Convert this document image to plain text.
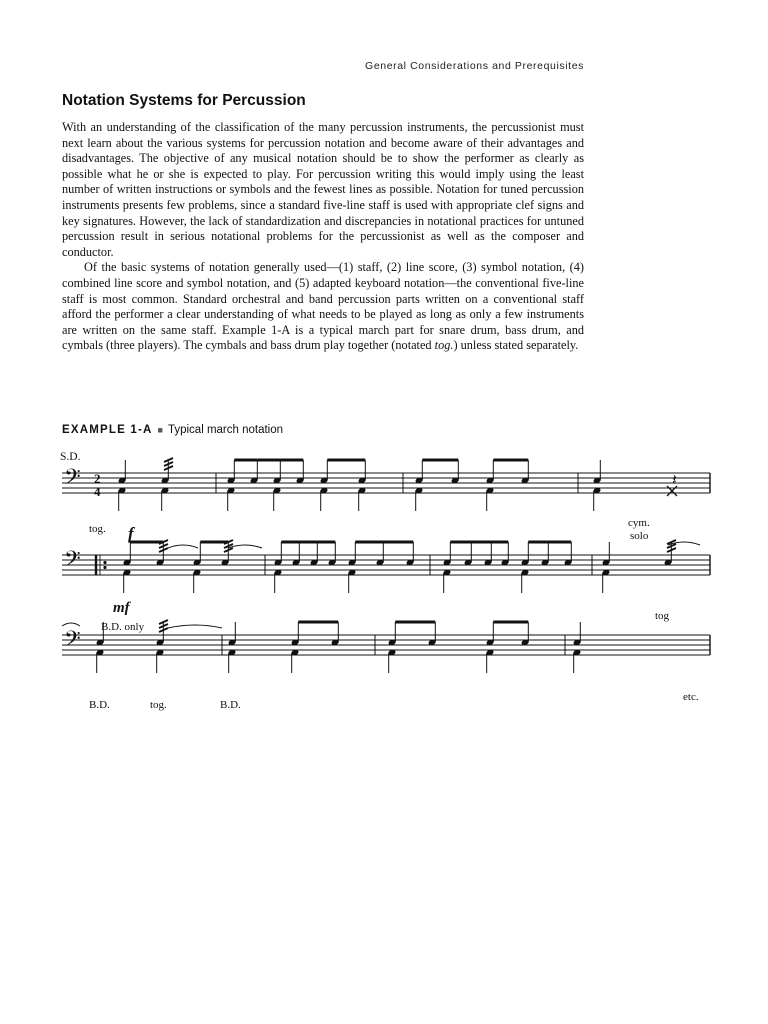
General Considerations and Prerequisites
Notation Systems for Percussion

With an understanding of the classification of the many percussion instruments, the percussionist must next learn about the various systems for percussion notation and become aware of their advantages and disadvantages. The objective of any musical notation should be to show the performer as clearly as possible what he or she is expected to play. For percussion writing this would imply using the least number of written instructions or symbols and the fewest lines as possible. Notation for tuned percussion instruments presents few problems, since a standard five-line staff is used with appropriate clef signs and key signatures. However, the lack of standardization and discrepancies in notational practices for untuned percussion result in serious notational problems for the percussionist as well as the composer and conductor.

Of the basic systems of notation generally used—(1) staff, (2) line score, (3) symbol notation, (4) combined line score and symbol notation, and (5) adapted keyboard notation—the conventional five-line staff is most common. Standard orchestral and band percussion parts written on a conventional staff afford the performer a clear understanding of what needs to be played as long as only a few instruments are written on the same staff. Example 1-A is a typical march part for snare drum, bass drum, and cymbals (three players). The cymbals and bass drum play together (notated tog.) unless stated separately.

EXAMPLE 1-A ■ Typical march notation
𝄢
𝄢
𝄢
𝄽
S.D.
f
tog.	cym.
solo
mf
B.D. only
tog
B.D.	tog.	B.D.
etc.
2
4
